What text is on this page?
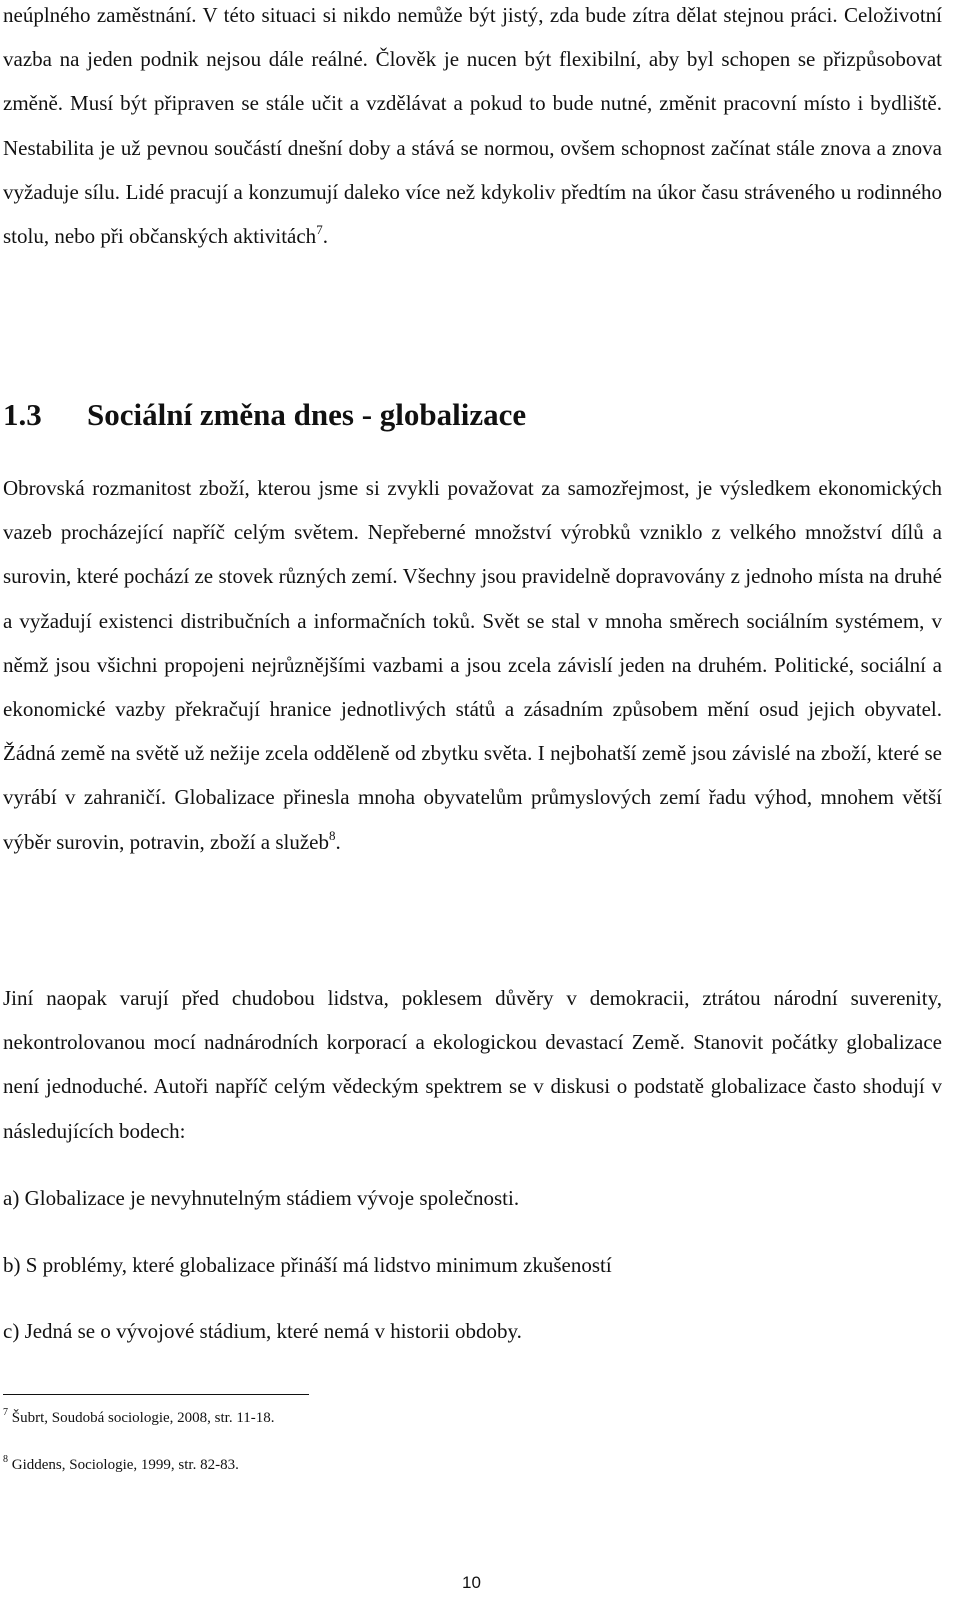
neúplného zaměstnání. V této situaci si nikdo nemůže být jistý, zda bude zítra dělat stejnou práci. Celoživotní vazba na jeden podnik nejsou dále reálné. Člověk je nucen být flexibilní, aby byl schopen se přizpůsobovat změně. Musí být připraven se stále učit a vzdělávat a pokud to bude nutné, změnit pracovní místo i bydliště. Nestabilita je už pevnou součástí dnešní doby a stává se normou, ovšem schopnost začínat stále znova a znova vyžaduje sílu. Lidé pracují a konzumují daleko více než kdykoliv předtím na úkor času stráveného u rodinného stolu, nebo při občanských aktivitách$^7$.

1.3 Sociální změna dnes - globalizace

Obrovská rozmanitost zboží, kterou jsme si zvykli považovat za samozřejmost, je výsledkem ekonomických vazeb procházející napříč celým světem. Nepřeberné množství výrobků vzniklo z velkého množství dílů a surovin, které pochází ze stovek různých zemí. Všechny jsou pravidelně dopravovány z jednoho místa na druhé a vyžadují existenci distribučních a informačních toků. Svět se stal v mnoha směrech sociálním systémem, v němž jsou všichni propojeni nejrůznějšími vazbami a jsou zcela závislí jeden na druhém. Politické, sociální a ekonomické vazby překračují hranice jednotlivých států a zásadním způsobem mění osud jejich obyvatel. Žádná země na světě už nežije zcela odděleně od zbytku světa. I nejbohatší země jsou závislé na zboží, které se vyrábí v zahraničí. Globalizace přinesla mnoha obyvatelům průmyslových zemí řadu výhod, mnohem větší výběr surovin, potravin, zboží a služeb$^8$.

Jiní naopak varují před chudobou lidstva, poklesem důvěry v demokracii, ztrátou národní suverenity, nekontrolovanou mocí nadnárodních korporací a ekologickou devastací Země. Stanovit počátky globalizace není jednoduché. Autoři napříč celým vědeckým spektrem se v diskusi o podstatě globalizace často shodují v následujících bodech:

a) Globalizace je nevyhnutelným stádiem vývoje společnosti.

b) S problémy, které globalizace přináší má lidstvo minimum zkušeností

c) Jedná se o vývojové stádium, které nemá v historii obdoby.

$^7$ Šubrt, Soudobá sociologie, 2008, str. 11-18.

$^8$ Giddens, Sociologie, 1999, str. 82-83.

10
